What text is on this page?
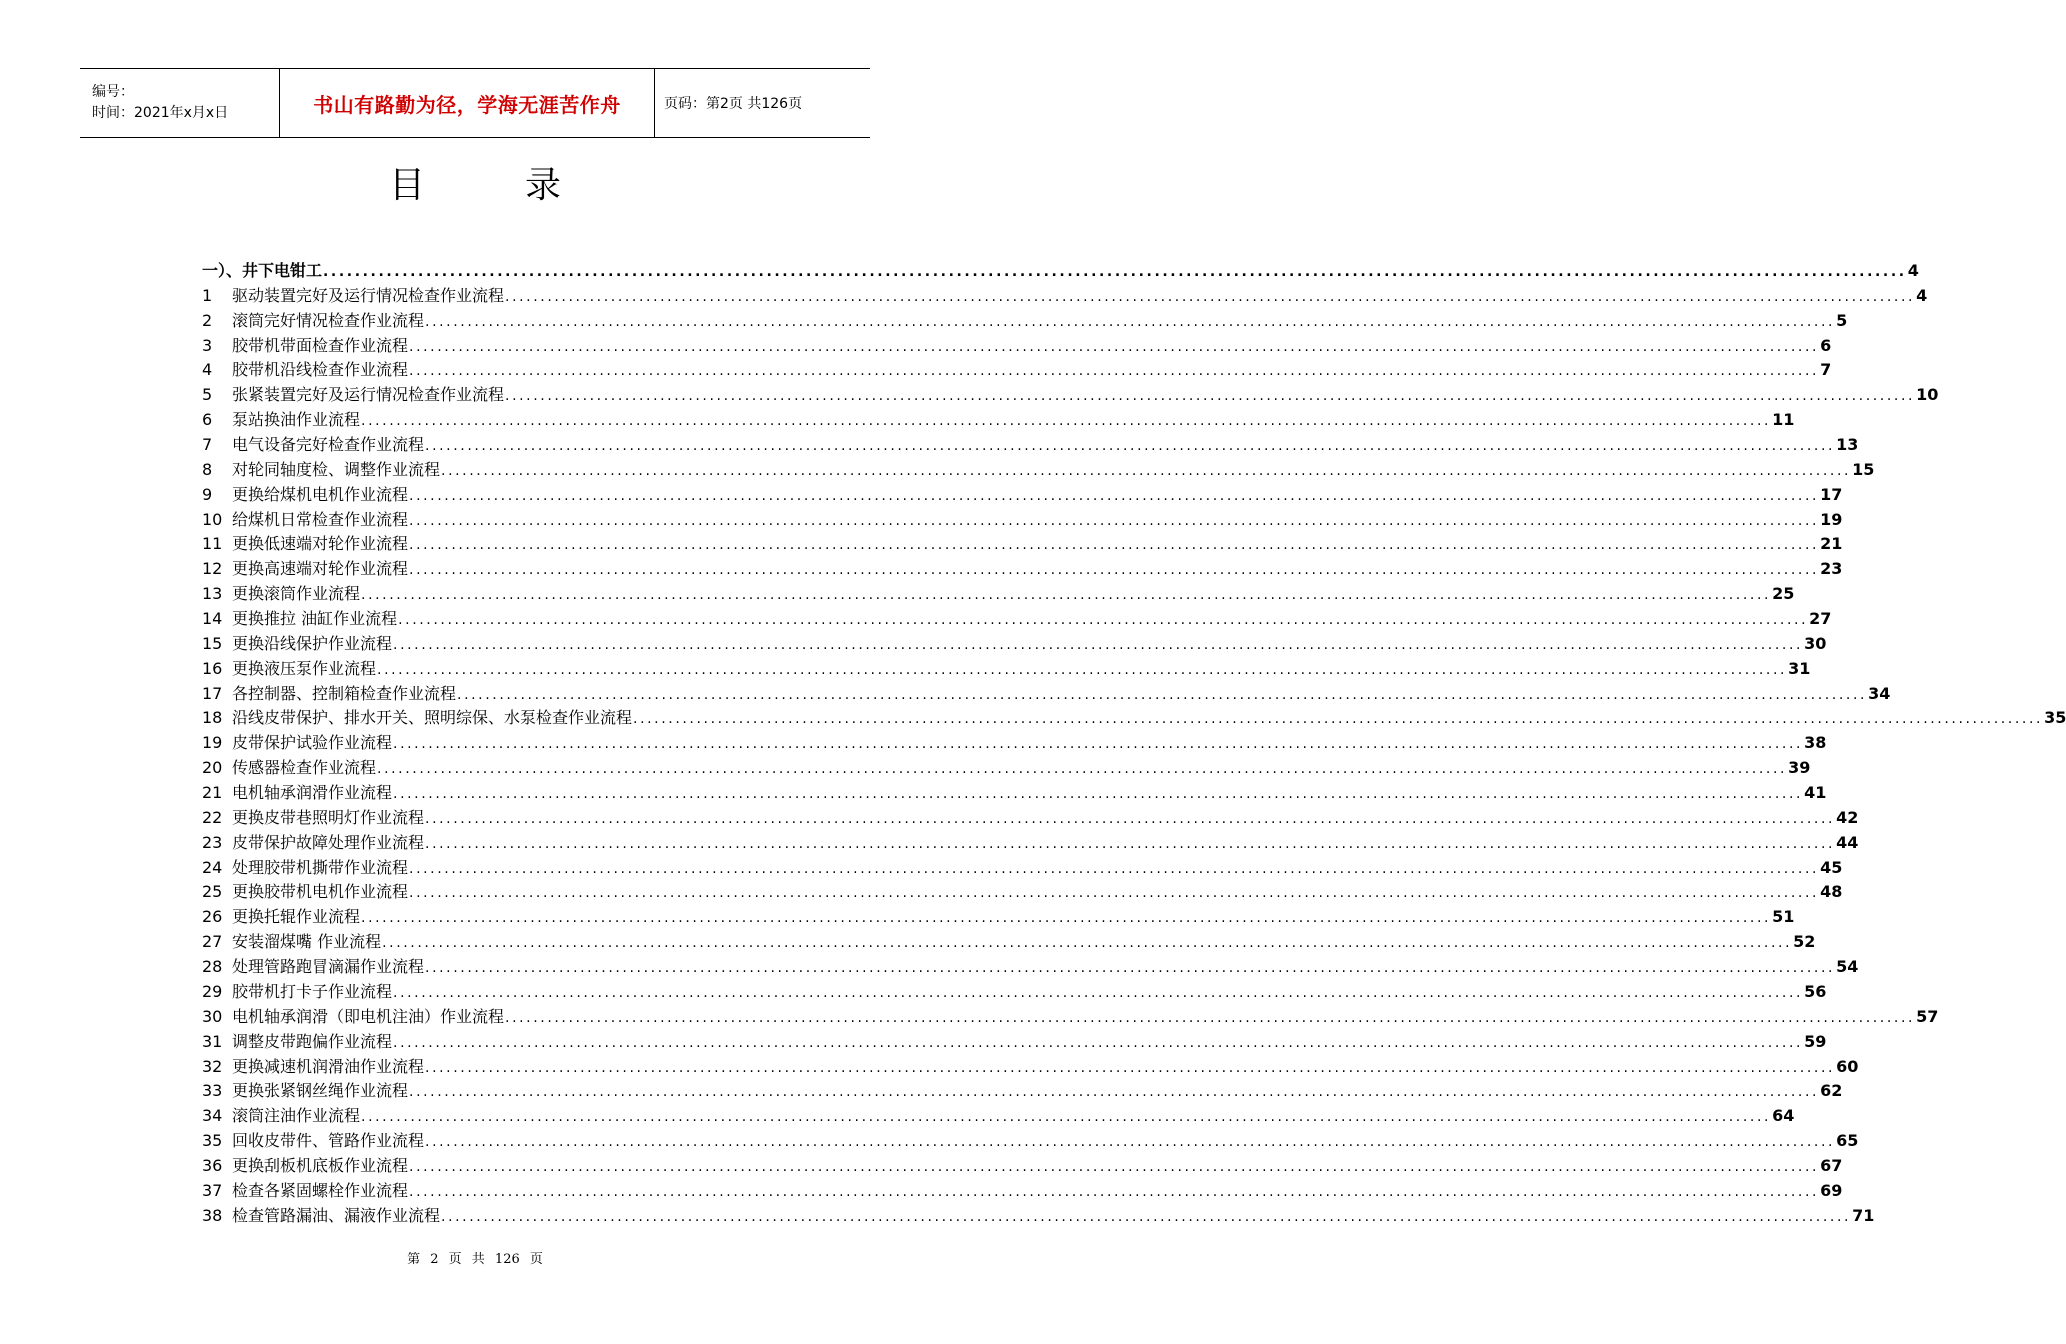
编号：
时间：2021年x月x日	书山有路勤为径，学海无涯苦作舟	页码：第2页 共126页
目录
一）、井下电钳工 ........................................................................................................................................................................................................ 4
1	驱动装置完好及运行情况检查作业流程 ........................................................................................................................................................................................................ 4
2	滚筒完好情况检查作业流程 ........................................................................................................................................................................................................ 5
3	胶带机带面检查作业流程 ........................................................................................................................................................................................................ 6
4	胶带机沿线检查作业流程 ........................................................................................................................................................................................................ 7
5	张紧装置完好及运行情况检查作业流程 ........................................................................................................................................................................................................ 10
6	泵站换油作业流程 ........................................................................................................................................................................................................ 11
7	电气设备完好检查作业流程 ........................................................................................................................................................................................................ 13
8	对轮同轴度检、调整作业流程 ........................................................................................................................................................................................................ 15
9	更换给煤机电机作业流程 ........................................................................................................................................................................................................ 17
10 给煤机日常检查作业流程 ........................................................................................................................................................................................................ 19
11 更换低速端对轮作业流程 ........................................................................................................................................................................................................ 21
12 更换高速端对轮作业流程 ........................................................................................................................................................................................................ 23
13 更换滚筒作业流程 ........................................................................................................................................................................................................ 25
14 更换推拉 油缸作业流程 ........................................................................................................................................................................................................ 27
15 更换沿线保护作业流程 ........................................................................................................................................................................................................ 30
16 更换液压泵作业流程 ........................................................................................................................................................................................................ 31
17 各控制器、控制箱检查作业流程 ........................................................................................................................................................................................................ 34
18 沿线皮带保护、排水开关、照明综保、水泵检查作业流程 ........................................................................................................................................................................................................ 35
19 皮带保护试验作业流程 ........................................................................................................................................................................................................ 38
20 传感器检查作业流程 ........................................................................................................................................................................................................ 39
21 电机轴承润滑作业流程 ........................................................................................................................................................................................................ 41
22 更换皮带巷照明灯作业流程 ........................................................................................................................................................................................................ 42
23 皮带保护故障处理作业流程 ........................................................................................................................................................................................................ 44
24 处理胶带机撕带作业流程 ........................................................................................................................................................................................................ 45
25 更换胶带机电机作业流程 ........................................................................................................................................................................................................ 48
26 更换托辊作业流程 ........................................................................................................................................................................................................ 51
27 安装溜煤嘴 作业流程 ........................................................................................................................................................................................................ 52
28 处理管路跑冒滴漏作业流程 ........................................................................................................................................................................................................ 54
29 胶带机打卡子作业流程 ........................................................................................................................................................................................................ 56
30 电机轴承润滑（即电机注油）作业流程 ........................................................................................................................................................................................................ 57
31 调整皮带跑偏作业流程 ........................................................................................................................................................................................................ 59
32 更换减速机润滑油作业流程 ........................................................................................................................................................................................................ 60
33 更换张紧钢丝绳作业流程 ........................................................................................................................................................................................................ 62
34 滚筒注油作业流程 ........................................................................................................................................................................................................ 64
35 回收皮带件、管路作业流程 ........................................................................................................................................................................................................ 65
36 更换刮板机底板作业流程 ........................................................................................................................................................................................................ 67
37 检查各紧固螺栓作业流程 ........................................................................................................................................................................................................ 69
38 检查管路漏油、漏液作业流程 ........................................................................................................................................................................................................ 71
第 2 页 共 126 页
